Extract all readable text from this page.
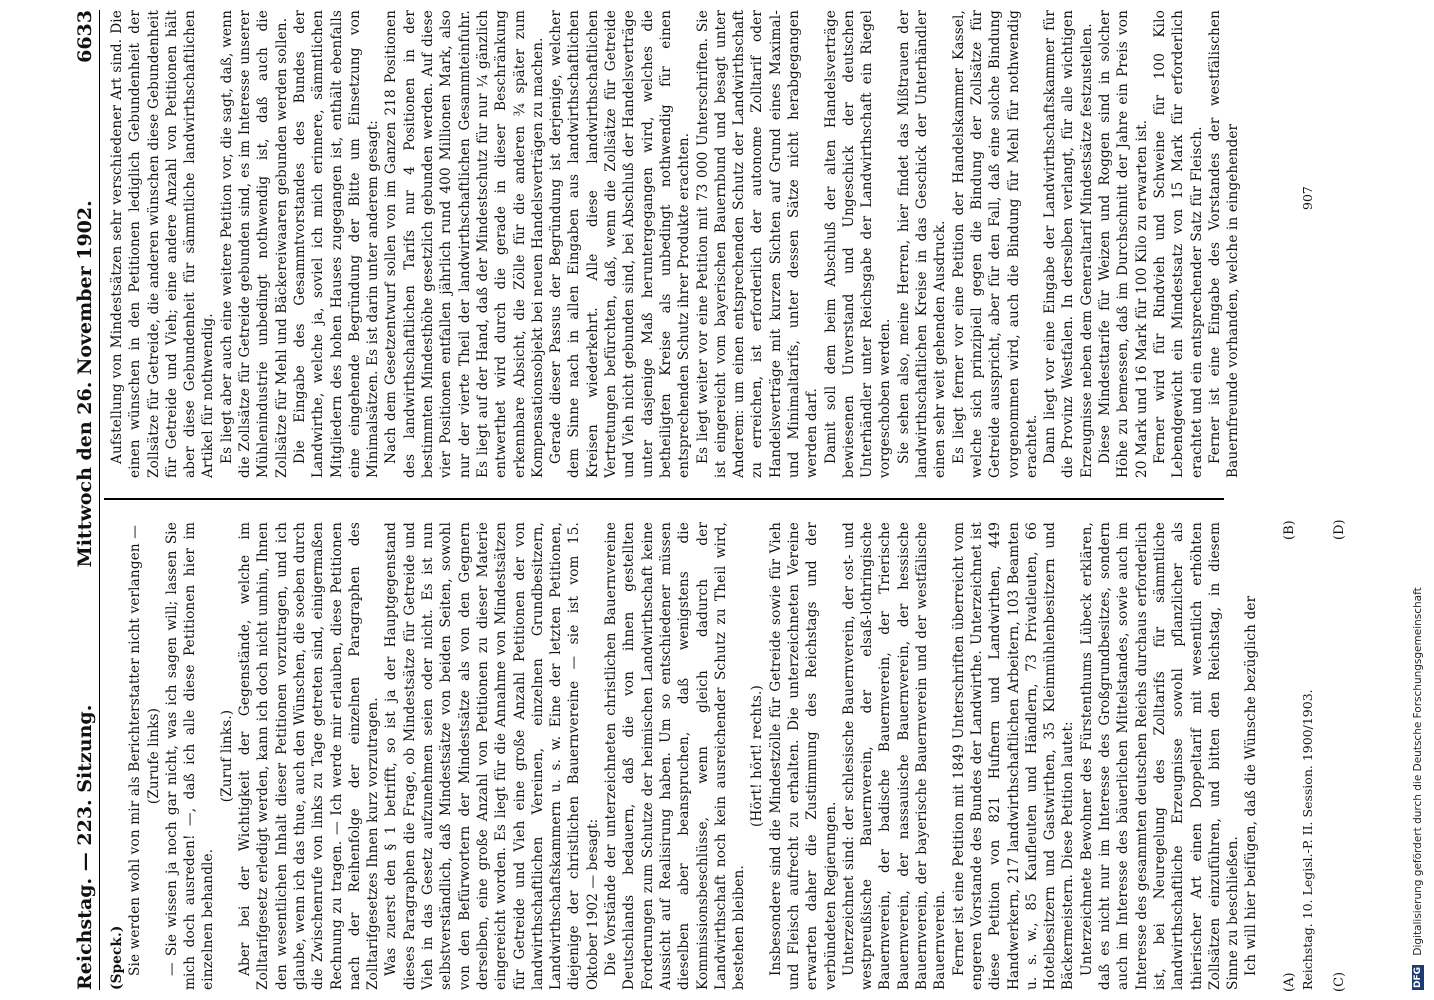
Reichstag. — 223. Sitzung.
Mittwoch den 26. November 1902.
6633

(Speck.) Sie werden wohl von mir als Berichterstatter nicht verlangen — (Zurufe links) — Sie wissen ja noch gar nicht, was ich sagen will; lassen Sie mich doch ausreden! —, daß ich alle diese Petitionen hier im einzelnen behandle.

(Zuruf links.) Aber bei der Wichtigkeit der Gegenstände, welche im Zolltarifgesetz erledigt werden, kann ich doch nicht umhin, Ihnen den wesentlichen Inhalt dieser Petitionen vorzutragen, und ich glaube, wenn ich das thue, auch den Wünschen, die soeben durch die Zwischenrufe von links zu Tage getreten sind, einigermaßen Rechnung zu tragen. — Ich werde mir erlauben, diese Petitionen nach der Reihenfolge der einzelnen Paragraphen des Zolltarifgesetzes Ihnen kurz vorzutragen. Was zuerst den § 1 betrifft, so ist ja der Hauptgegenstand dieses Paragraphen die Frage, ob Mindestsätze für Getreide und Vieh in das Gesetz aufzunehmen seien oder nicht. Es ist nun selbstverständlich, daß Mindestsätze von beiden Seiten, sowohl von den Befürwortern der Mindestsätze als von den Gegnern derselben, eine große Anzahl von Petitionen zu dieser Materie eingereicht worden. Es liegt für die Annahme von Mindestsätzen für Getreide und Vieh eine große Anzahl Petitionen der von landwirthschaftlichen Vereinen, einzelnen Grundbesitzern, Landwirthschaftskammern u. s. w. Eine der letzten Petitionen, diejenige der christlichen Bauernvereine — sie ist vom 15. Oktober 1902 — besagt: Die Vorstände der unterzeichneten christlichen Bauernvereine Deutschlands bedauern, daß die von ihnen gestellten Forderungen zum Schutze der heimischen Landwirthschaft keine Aussicht auf Realisirung haben. Um so entschiedener müssen dieselben aber beanspruchen, daß wenigstens die Kommissionsbeschlüsse, wenn gleich dadurch der Landwirthschaft noch kein ausreichender Schutz zu Theil wird, bestehen bleiben.

(Hört! hört! rechts.) Insbesondere sind die Mindestzölle für Getreide sowie für Vieh und Fleisch aufrecht zu erhalten. Die unterzeichneten Vereine erwarten daher die Zustimmung des Reichstags und der verbündeten Regierungen. Unterzeichnet sind: der schlesische Bauernverein, der ost- und westpreußische Bauernverein, der elsaß-lothringische Bauernverein, der badische Bauernverein, der Trierische Bauernverein, der nassauische Bauernverein, der hessische Bauernverein, der bayerische Bauernverein und der westfälische Bauernverein. Ferner ist eine Petition mit 1849 Unterschriften überreicht vom engeren Vorstande des Bundes der Landwirthe. Unterzeichnet ist diese Petition von 821 Hufnern und Landwirthen, 449 Handwerkern, 217 landwirthschaftlichen Arbeitern, 103 Beamten u. s. w., 85 Kaufleuten und Händlern, 73 Privatleuten, 66 Hotelbesitzern und Gastwirthen, 35 Kleinmühlenbesitzern und Bäckermeistern. Diese Petition lautet: Unterzeichnete Bewohner des Fürstenthums Lübeck erklären, daß es nicht nur im Interesse des Großgrundbesitzes, sondern auch im Interesse des bäuerlichen Mittelstandes, sowie auch im Interesse des gesammten deutschen Reichs durchaus erforderlich ist, bei Neuregelung des Zolltarifs für sämmtliche landwirthschaftliche Erzeugnisse sowohl pflanzlicher als thierischer Art einen Doppeltarif mit wesentlich erhöhten Zollsätzen einzuführen, und bitten den Reichstag, in diesem Sinne zu beschließen. Ich will hier beifügen, daß die Wünsche bezüglich der

Aufstellung von Mindestsätzen sehr verschiedener Art sind. Die einen wünschen in den Petitionen lediglich Gebundenheit der Zollsätze für Getreide, die anderen wünschen diese Gebundenheit für Getreide und Vieh; eine andere Anzahl von Petitionen hält aber diese Gebundenheit für sämmtliche landwirthschaftlichen Artikel für nothwendig. Es liegt aber auch eine weitere Petition vor, die sagt, daß, wenn die Zollsätze für Getreide gebunden sind, es im Interesse unserer Mühlenindustrie unbedingt nothwendig ist, daß auch die Zollsätze für Mehl und Bäckereiwaaren gebunden werden sollen. Die Eingabe des Gesammtvorstandes des Bundes der Landwirthe, welche ja, soviel ich mich erinnere, sämmtlichen Mitgliedern des hohen Hauses zugegangen ist, enthält ebenfalls eine eingehende Begründung der Bitte um Einsetzung von Minimalsätzen. Es ist darin unter anderem gesagt: Nach dem Gesetzentwurf sollen von im Ganzen 218 Positionen des landwirthschaftlichen Tarifs nur 4 Positionen in der bestimmten Mindesthöhe gesetzlich gebunden werden. Auf diese vier Positionen entfallen jährlich rund 400 Millionen Mark, also nur der vierte Theil der landwirthschaftlichen Gesammteinfuhr. Es liegt auf der Hand, daß der Mindestschutz für nur ¼ gänzlich entwerthet wird durch die gerade in dieser Beschränkung erkennbare Absicht, die Zölle für die anderen ¾ später zum Kompensationsobjekt bei neuen Handelsverträgen zu machen. Gerade dieser Passus der Begründung ist derjenige, welcher dem Sinne nach in allen Eingaben aus landwirthschaftlichen Kreisen wiederkehrt. Alle diese landwirthschaftlichen Vertretungen befürchten, daß, wenn die Zollsätze für Getreide und Vieh nicht gebunden sind, bei Abschluß der Handelsverträge unter dasjenige Maß heruntergegangen wird, welches die betheiligten Kreise als unbedingt nothwendig für einen entsprechenden Schutz ihrer Produkte erachten. Es liegt weiter vor eine Petition mit 73 000 Unterschriften. Sie ist eingereicht vom bayerischen Bauernbund und besagt unter Anderem: um einen entsprechenden Schutz der Landwirthschaft zu erreichen, ist erforderlich der autonome Zolltarif oder Handelsverträge mit kurzen Sichten auf Grund eines Maximal- und Minimaltarifs, unter dessen Sätze nicht herabgegangen werden darf. Damit soll dem beim Abschluß der alten Handelsverträge bewiesenen Unverstand und Ungeschick der deutschen Unterhändler unter Reichsgabe der Landwirthschaft ein Riegel vorgeschoben werden. Sie sehen also, meine Herren, hier findet das Mißtrauen der landwirthschaftlichen Kreise in das Geschick der Unterhändler einen sehr weit gehenden Ausdruck. Es liegt ferner vor eine Petition der Handelskammer Kassel, welche sich prinzipiell gegen die Bindung der Zollsätze für Getreide ausspricht, aber für den Fall, daß eine solche Bindung vorgenommen wird, auch die Bindung für Mehl für nothwendig erachtet. Dann liegt vor eine Eingabe der Landwirthschaftskammer für die Provinz Westfalen. In derselben verlangt, für alle wichtigen Erzeugnisse neben dem Generaltarif Mindestsätze festzustellen. Diese Mindesttarife für Weizen und Roggen sind in solcher Höhe zu bemessen, daß im Durchschnitt der Jahre ein Preis von 20 Mark und 16 Mark für 100 Kilo zu erwarten ist. Ferner wird für Rindvieh und Schweine für 100 Kilo Lebendgewicht ein Mindestsatz von 15 Mark für erforderlich erachtet und ein entsprechender Satz für Fleisch. Ferner ist eine Eingabe des Vorstandes der westfälischen Bauernfreunde vorhanden, welche in eingehender

Reichstag. 10. Legisl.-P. II. Session. 1900/1903.
907
(A)	(C)
(B)	(D)
DFG Digitalisierung gefördert durch die Deutsche Forschungsgemeinschaft
